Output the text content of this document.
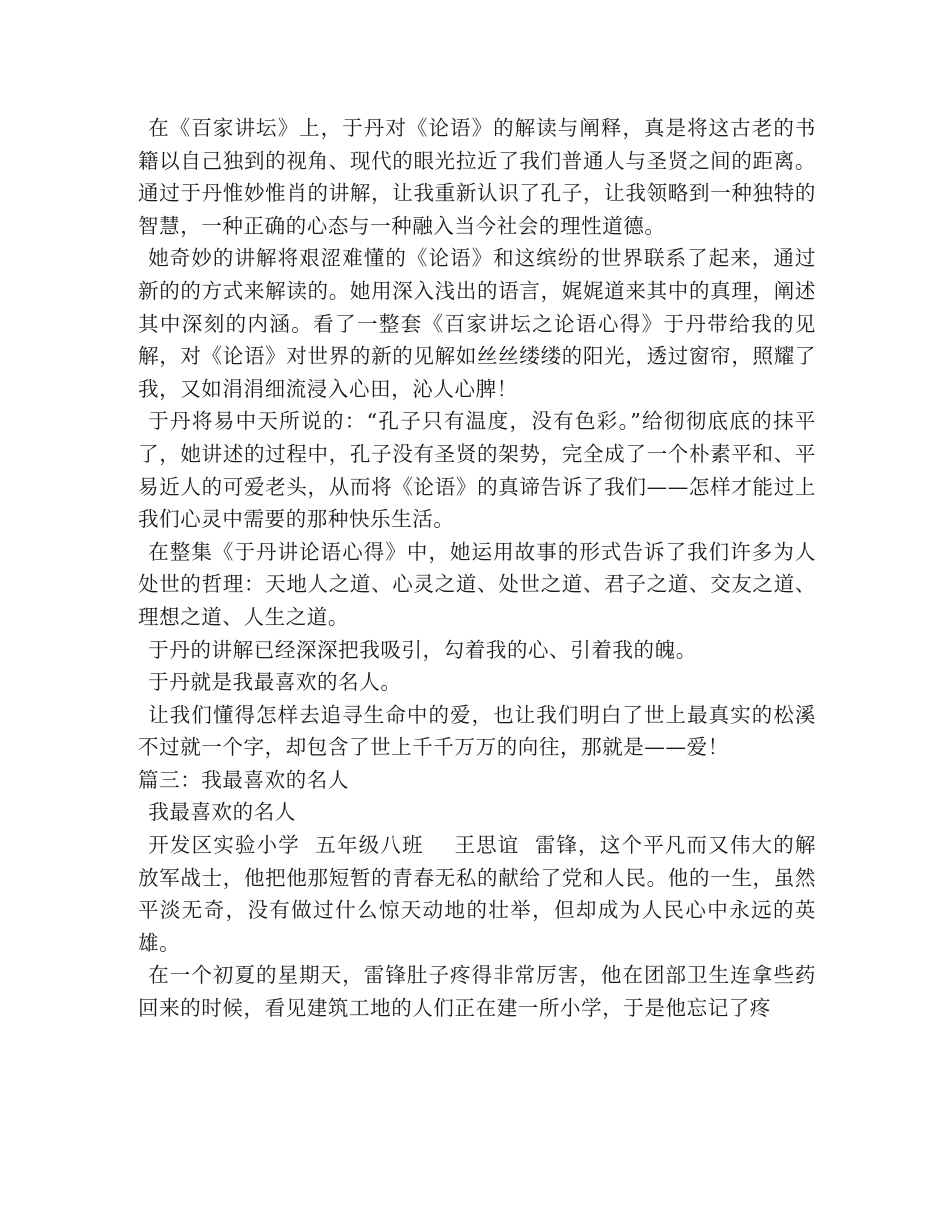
在《百家讲坛》上，于丹对《论语》的解读与阐释，真是将这古老的书籍以自己独到的视角、现代的眼光拉近了我们普通人与圣贤之间的距离。通过于丹惟妙惟肖的讲解，让我重新认识了孔子，让我领略到一种独特的智慧，一种正确的心态与一种融入当今社会的理性道德。

她奇妙的讲解将艰涩难懂的《论语》和这缤纷的世界联系了起来，通过新的的方式来解读的。她用深入浅出的语言，娓娓道来其中的真理，阐述其中深刻的内涵。看了一整套《百家讲坛之论语心得》于丹带给我的见解，对《论语》对世界的新的见解如丝丝缕缕的阳光，透过窗帘，照耀了我，又如涓涓细流浸入心田，沁人心脾！

于丹将易中天所说的：“孔子只有温度，没有色彩。”给彻彻底底的抹平了，她讲述的过程中，孔子没有圣贤的架势，完全成了一个朴素平和、平易近人的可爱老头，从而将《论语》的真谛告诉了我们——怎样才能过上我们心灵中需要的那种快乐生活。

在整集《于丹讲论语心得》中，她运用故事的形式告诉了我们许多为人处世的哲理：天地人之道、心灵之道、处世之道、君子之道、交友之道、理想之道、人生之道。

于丹的讲解已经深深把我吸引，勾着我的心、引着我的魄。

于丹就是我最喜欢的名人。

让我们懂得怎样去追寻生命中的爱，也让我们明白了世上最真实的松溪不过就一个字，却包含了世上千千万万的向往，那就是——爱！

篇三：我最喜欢的名人

我最喜欢的名人

开发区实验小学  五年级八班    王思谊  雷锋，这个平凡而又伟大的解放军战士，他把他那短暂的青春无私的献给了党和人民。他的一生，虽然平淡无奇，没有做过什么惊天动地的壮举，但却成为人民心中永远的英雄。

在一个初夏的星期天，雷锋肚子疼得非常厉害，他在团部卫生连拿些药回来的时候，看见建筑工地的人们正在建一所小学，于是他忘记了疼
